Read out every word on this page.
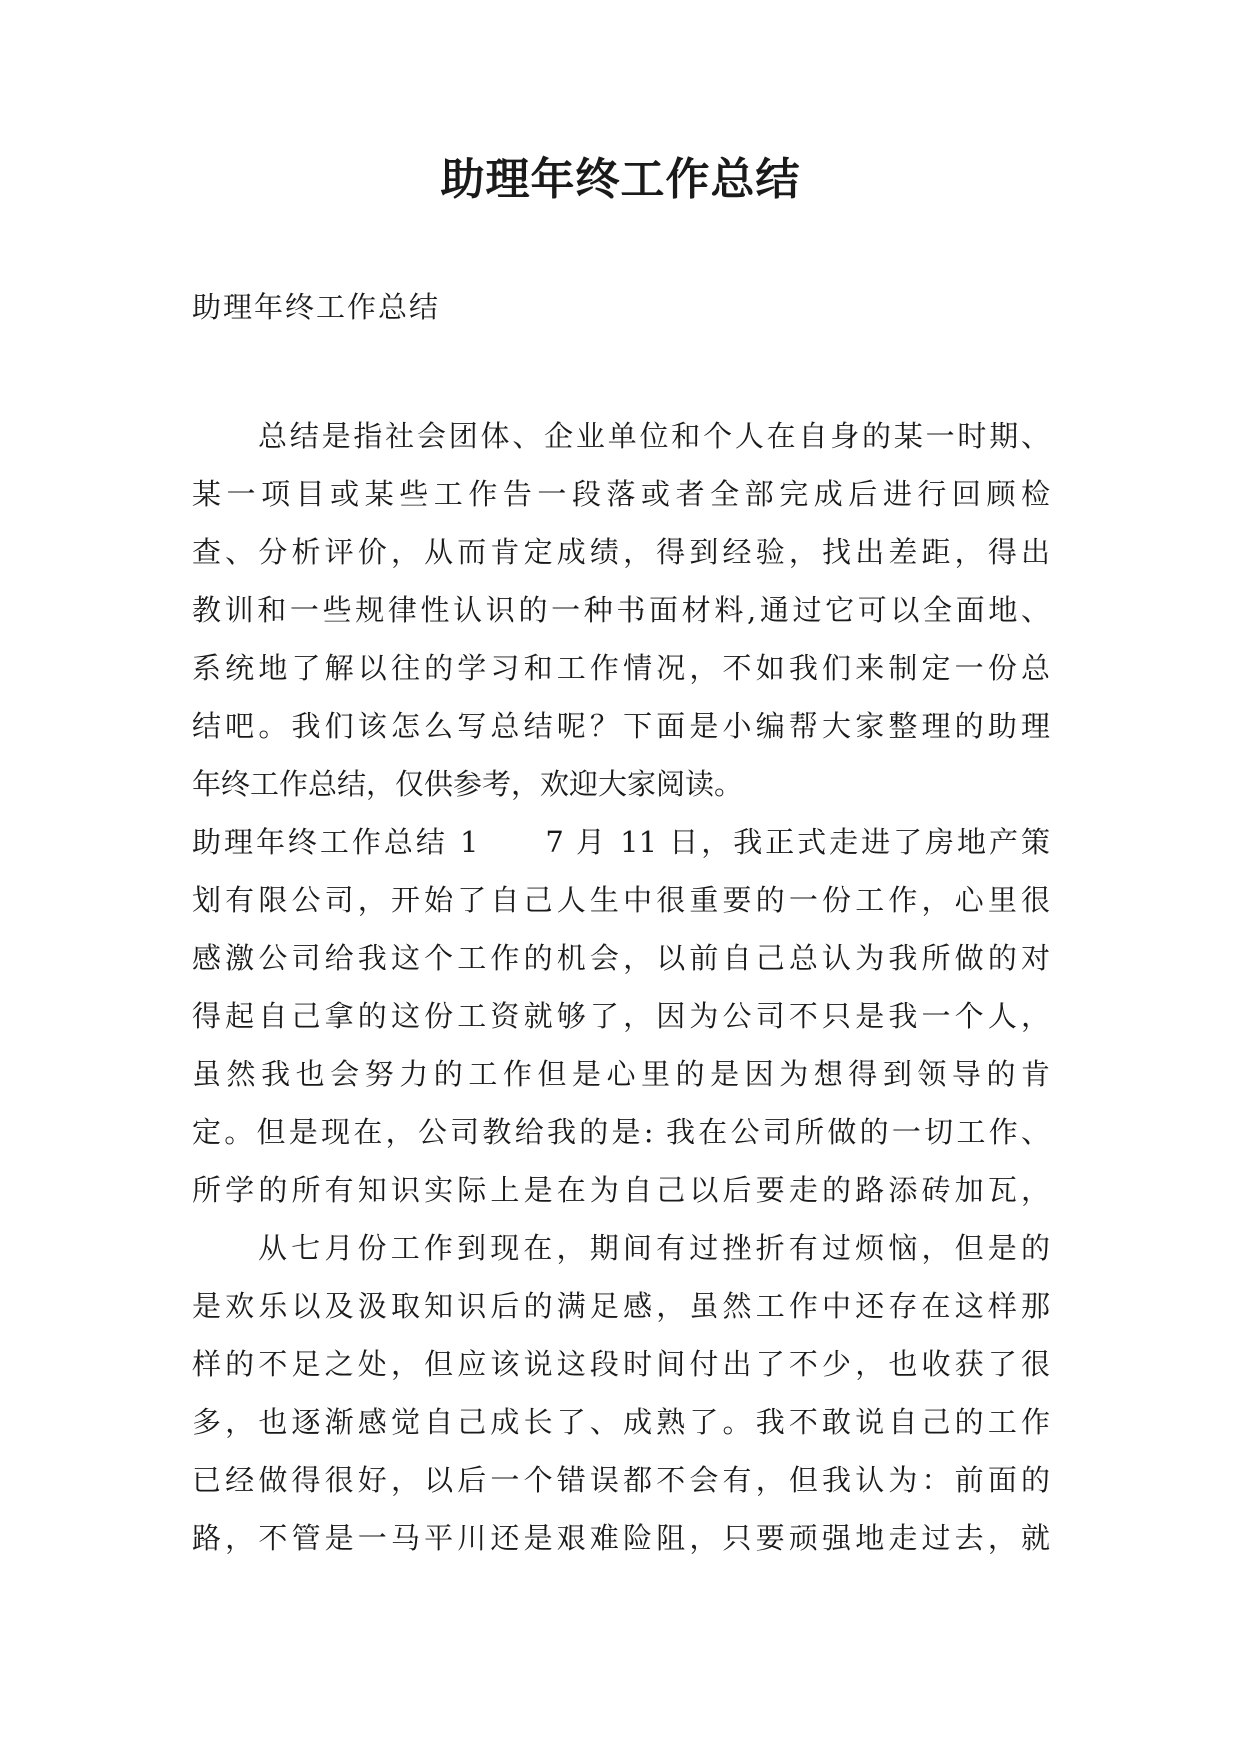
助理年终工作总结

助理年终工作总结

总结是指社会团体、企业单位和个人在自身的某一时期、
某一项目或某些工作告一段落或者全部完成后进行回顾检
查、分析评价，从而肯定成绩，得到经验，找出差距，得出
教训和一些规律性认识的一种书面材料,通过它可以全面地、
系统地了解以往的学习和工作情况，不如我们来制定一份总
结吧。我们该怎么写总结呢？下面是小编帮大家整理的助理
年终工作总结，仅供参考，欢迎大家阅读。
助理年终工作总结 1　　7 月 11 日，我正式走进了房地产策
划有限公司，开始了自己人生中很重要的一份工作，心里很
感激公司给我这个工作的机会，以前自己总认为我所做的对
得起自己拿的这份工资就够了，因为公司不只是我一个人，
虽然我也会努力的工作但是心里的是因为想得到领导的肯
定。但是现在，公司教给我的是: 我在公司所做的一切工作、
所学的所有知识实际上是在为自己以后要走的路添砖加瓦，
从七月份工作到现在，期间有过挫折有过烦恼，但是的
是欢乐以及汲取知识后的满足感，虽然工作中还存在这样那
样的不足之处，但应该说这段时间付出了不少，也收获了很
多，也逐渐感觉自己成长了、成熟了。我不敢说自己的工作
已经做得很好，以后一个错误都不会有，但我认为：前面的
路，不管是一马平川还是艰难险阻，只要顽强地走过去，就
